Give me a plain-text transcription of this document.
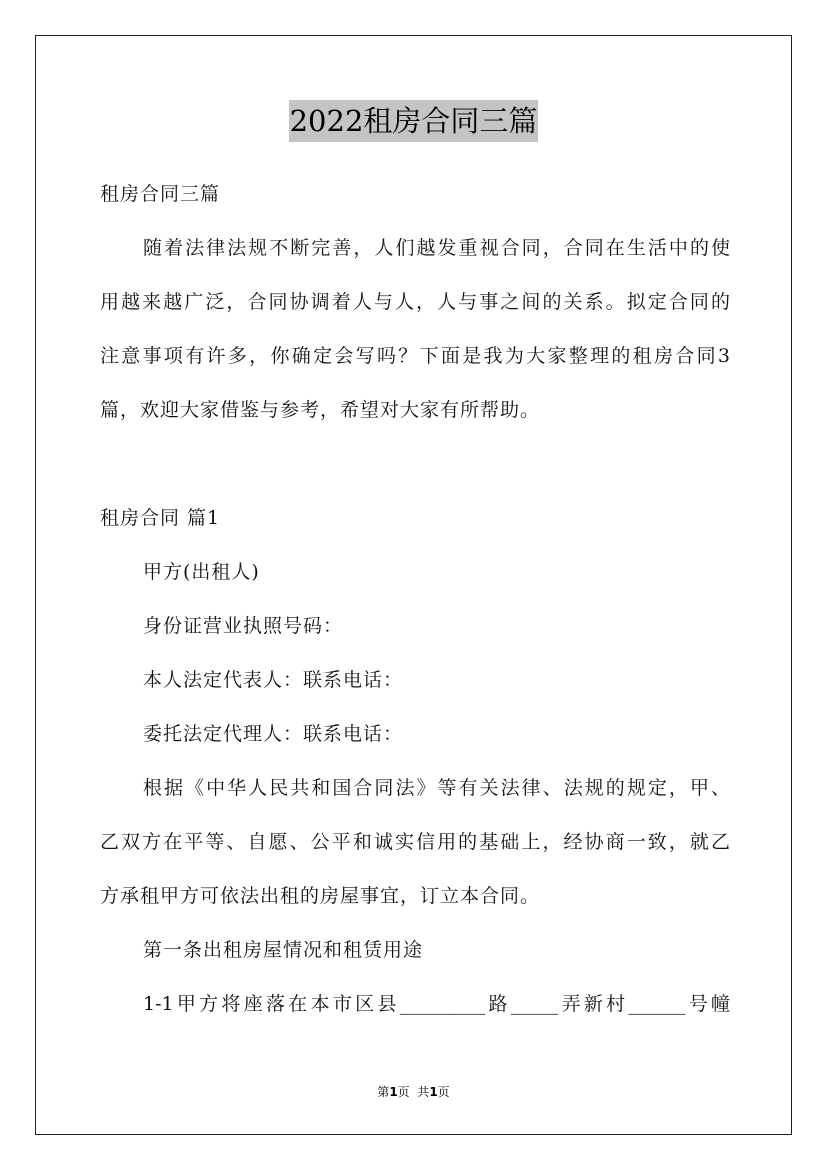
2022租房合同三篇
租房合同三篇
随着法律法规不断完善，人们越发重视合同，合同在生活中的使
用越来越广泛，合同协调着人与人，人与事之间的关系。拟定合同的
注意事项有许多，你确定会写吗？下面是我为大家整理的租房合同3
篇，欢迎大家借鉴与参考，希望对大家有所帮助。
租房合同 篇1
甲方(出租人)
身份证营业执照号码：
本人法定代表人：联系电话：
委托法定代理人：联系电话：
根据《中华人民共和国合同法》等有关法律、法规的规定，甲、
乙双方在平等、自愿、公平和诚实信用的基础上，经协商一致，就乙
方承租甲方可依法出租的房屋事宜，订立本合同。
第一条出租房屋情况和租赁用途
1-1甲方将座落在本市区县_________路_____弄新村______号幢
第1页  共1页
